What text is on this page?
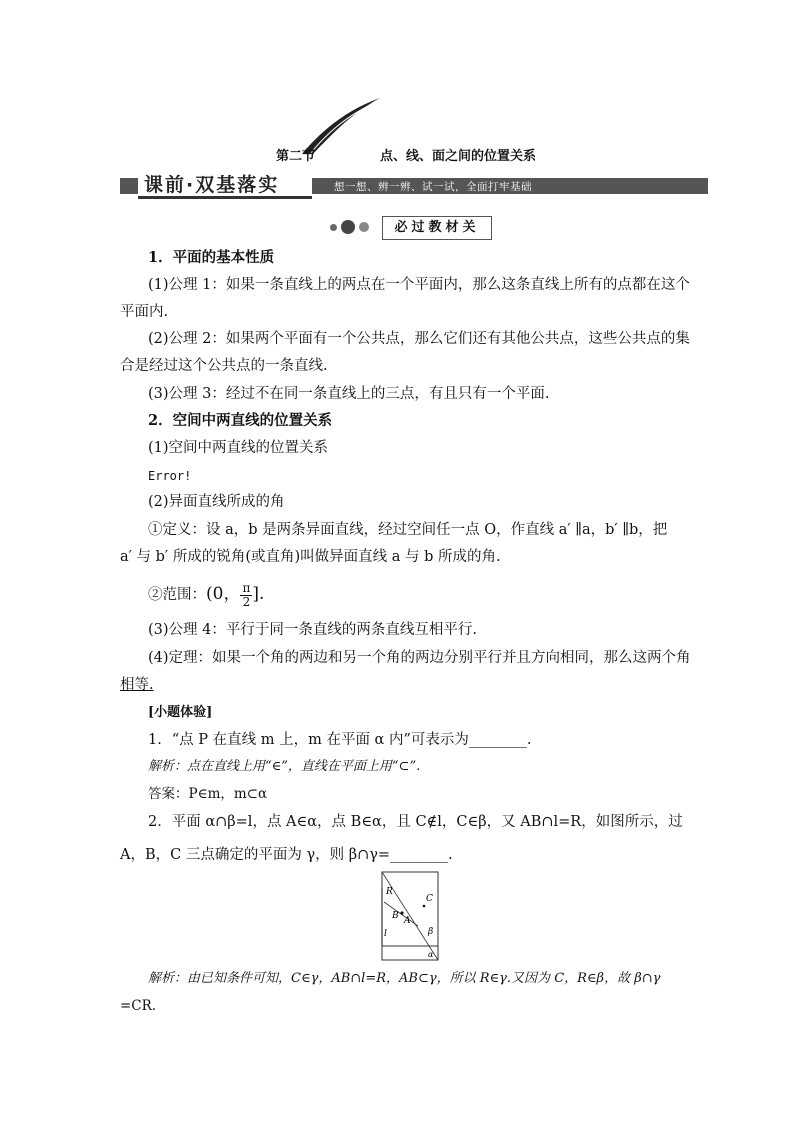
第二节	点、线、面之间的位置关系
课前·双基落实	想一想、辨一辨、试一试，全面打牢基础
必过教材关
1．平面的基本性质
(1)公理 1：如果一条直线上的两点在一个平面内，那么这条直线上所有的点都在这个
平面内.
(2)公理 2：如果两个平面有一个公共点，那么它们还有其他公共点，这些公共点的集
合是经过这个公共点的一条直线.
(3)公理 3：经过不在同一条直线上的三点，有且只有一个平面.
2．空间中两直线的位置关系
(1)空间中两直线的位置关系
Error!
(2)异面直线所成的角
①定义：设 a，b 是两条异面直线，经过空间任一点 O，作直线 a′ ∥a，b′ ∥b，把
a′ 与 b′ 所成的锐角(或直角)叫做异面直线 a 与 b 所成的角.
②范围：(0， $\frac{\pi}{2}$ ].
(3)公理 4：平行于同一条直线的两条直线互相平行.
(4)定理：如果一个角的两边和另一个角的两边分别平行并且方向相同，那么这两个角
相等.
[小题体验]
1．“点 P 在直线 m 上，m 在平面 α 内”可表示为________.
解析：点在直线上用“∈”，直线在平面上用“⊂”.
答案：P∈m，m⊂α
2．平面 α∩β=l，点 A∈α，点 B∈α，且 C∉l，C∈β，又 AB∩l=R，如图所示，过
A，B，C 三点确定的平面为 γ，则 β∩γ=________.
R
B A
C
l	β
α
解析：由已知条件可知，C∈γ，AB∩l=R，AB⊂γ，所以 R∈γ.又因为 C，R∈β，故 β∩γ
=CR.
